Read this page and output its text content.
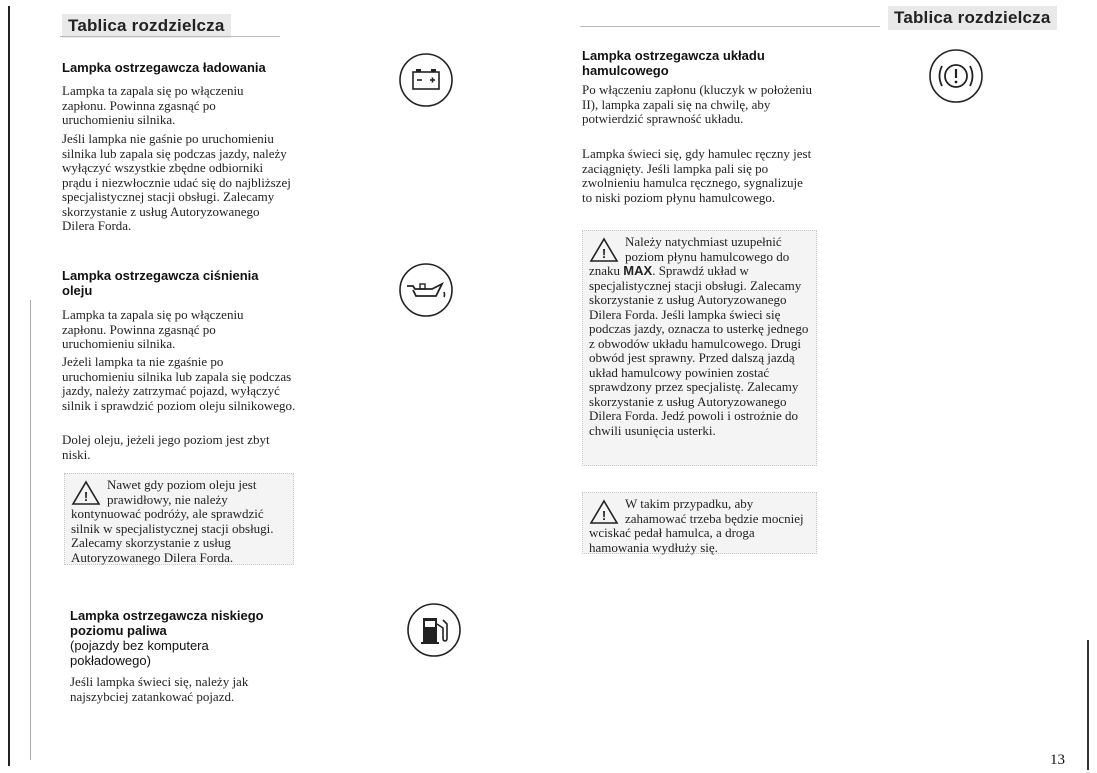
Tablica rozdzielcza	Tablica rozdzielcza
Lampka ostrzegawcza ładowania

Lampka ta zapala się po włączeniu zapłonu. Powinna zgasnąć po uruchomieniu silnika.

Jeśli lampka nie gaśnie po uruchomieniu silnika lub zapala się podczas jazdy, należy wyłączyć wszystkie zbędne odbiorniki prądu i niezwłocznie udać się do najbliższej specjalistycznej stacji obsługi. Zalecamy skorzystanie z usług Autoryzowanego Dilera Forda.

Lampka ostrzegawcza ciśnienia oleju

Lampka ta zapala się po włączeniu zapłonu. Powinna zgasnąć po uruchomieniu silnika.

Jeżeli lampka ta nie zgaśnie po uruchomieniu silnika lub zapala się podczas jazdy, należy zatrzymać pojazd, wyłączyć silnik i sprawdzić poziom oleju silnikowego.

Dolej oleju, jeżeli jego poziom jest zbyt niski.

!
Nawet gdy poziom oleju jest prawidłowy, nie należy kontynuować podróży, ale sprawdzić silnik w specjalistycznej stacji obsługi. Zalecamy skorzystanie z usług Autoryzowanego Dilera Forda.
Lampka ostrzegawcza niskiego poziomu paliwa

(pojazdy bez komputera pokładowego)

Jeśli lampka świeci się, należy jak najszybciej zatankować pojazd.

Lampka ostrzegawcza układu hamulcowego

Po włączeniu zapłonu (kluczyk w położeniu II), lampka zapali się na chwilę, aby potwierdzić sprawność układu.

Lampka świeci się, gdy hamulec ręczny jest zaciągnięty. Jeśli lampka pali się po zwolnieniu hamulca ręcznego, sygnalizuje to niski poziom płynu hamulcowego.

!
Należy natychmiast uzupełnić poziom płynu hamulcowego do znaku MAX. Sprawdź układ w specjalistycznej stacji obsługi. Zalecamy skorzystanie z usług Autoryzowanego Dilera Forda. Jeśli lampka świeci się podczas jazdy, oznacza to usterkę jednego z obwodów układu hamulcowego. Drugi obwód jest sprawny. Przed dalszą jazdą układ hamulcowy powinien zostać sprawdzony przez specjalistę. Zalecamy skorzystanie z usług Autoryzowanego Dilera Forda. Jedź powoli i ostrożnie do chwili usunięcia usterki.
!
W takim przypadku, aby zahamować trzeba będzie mocniej wciskać pedał hamulca, a droga hamowania wydłuży się.
13
